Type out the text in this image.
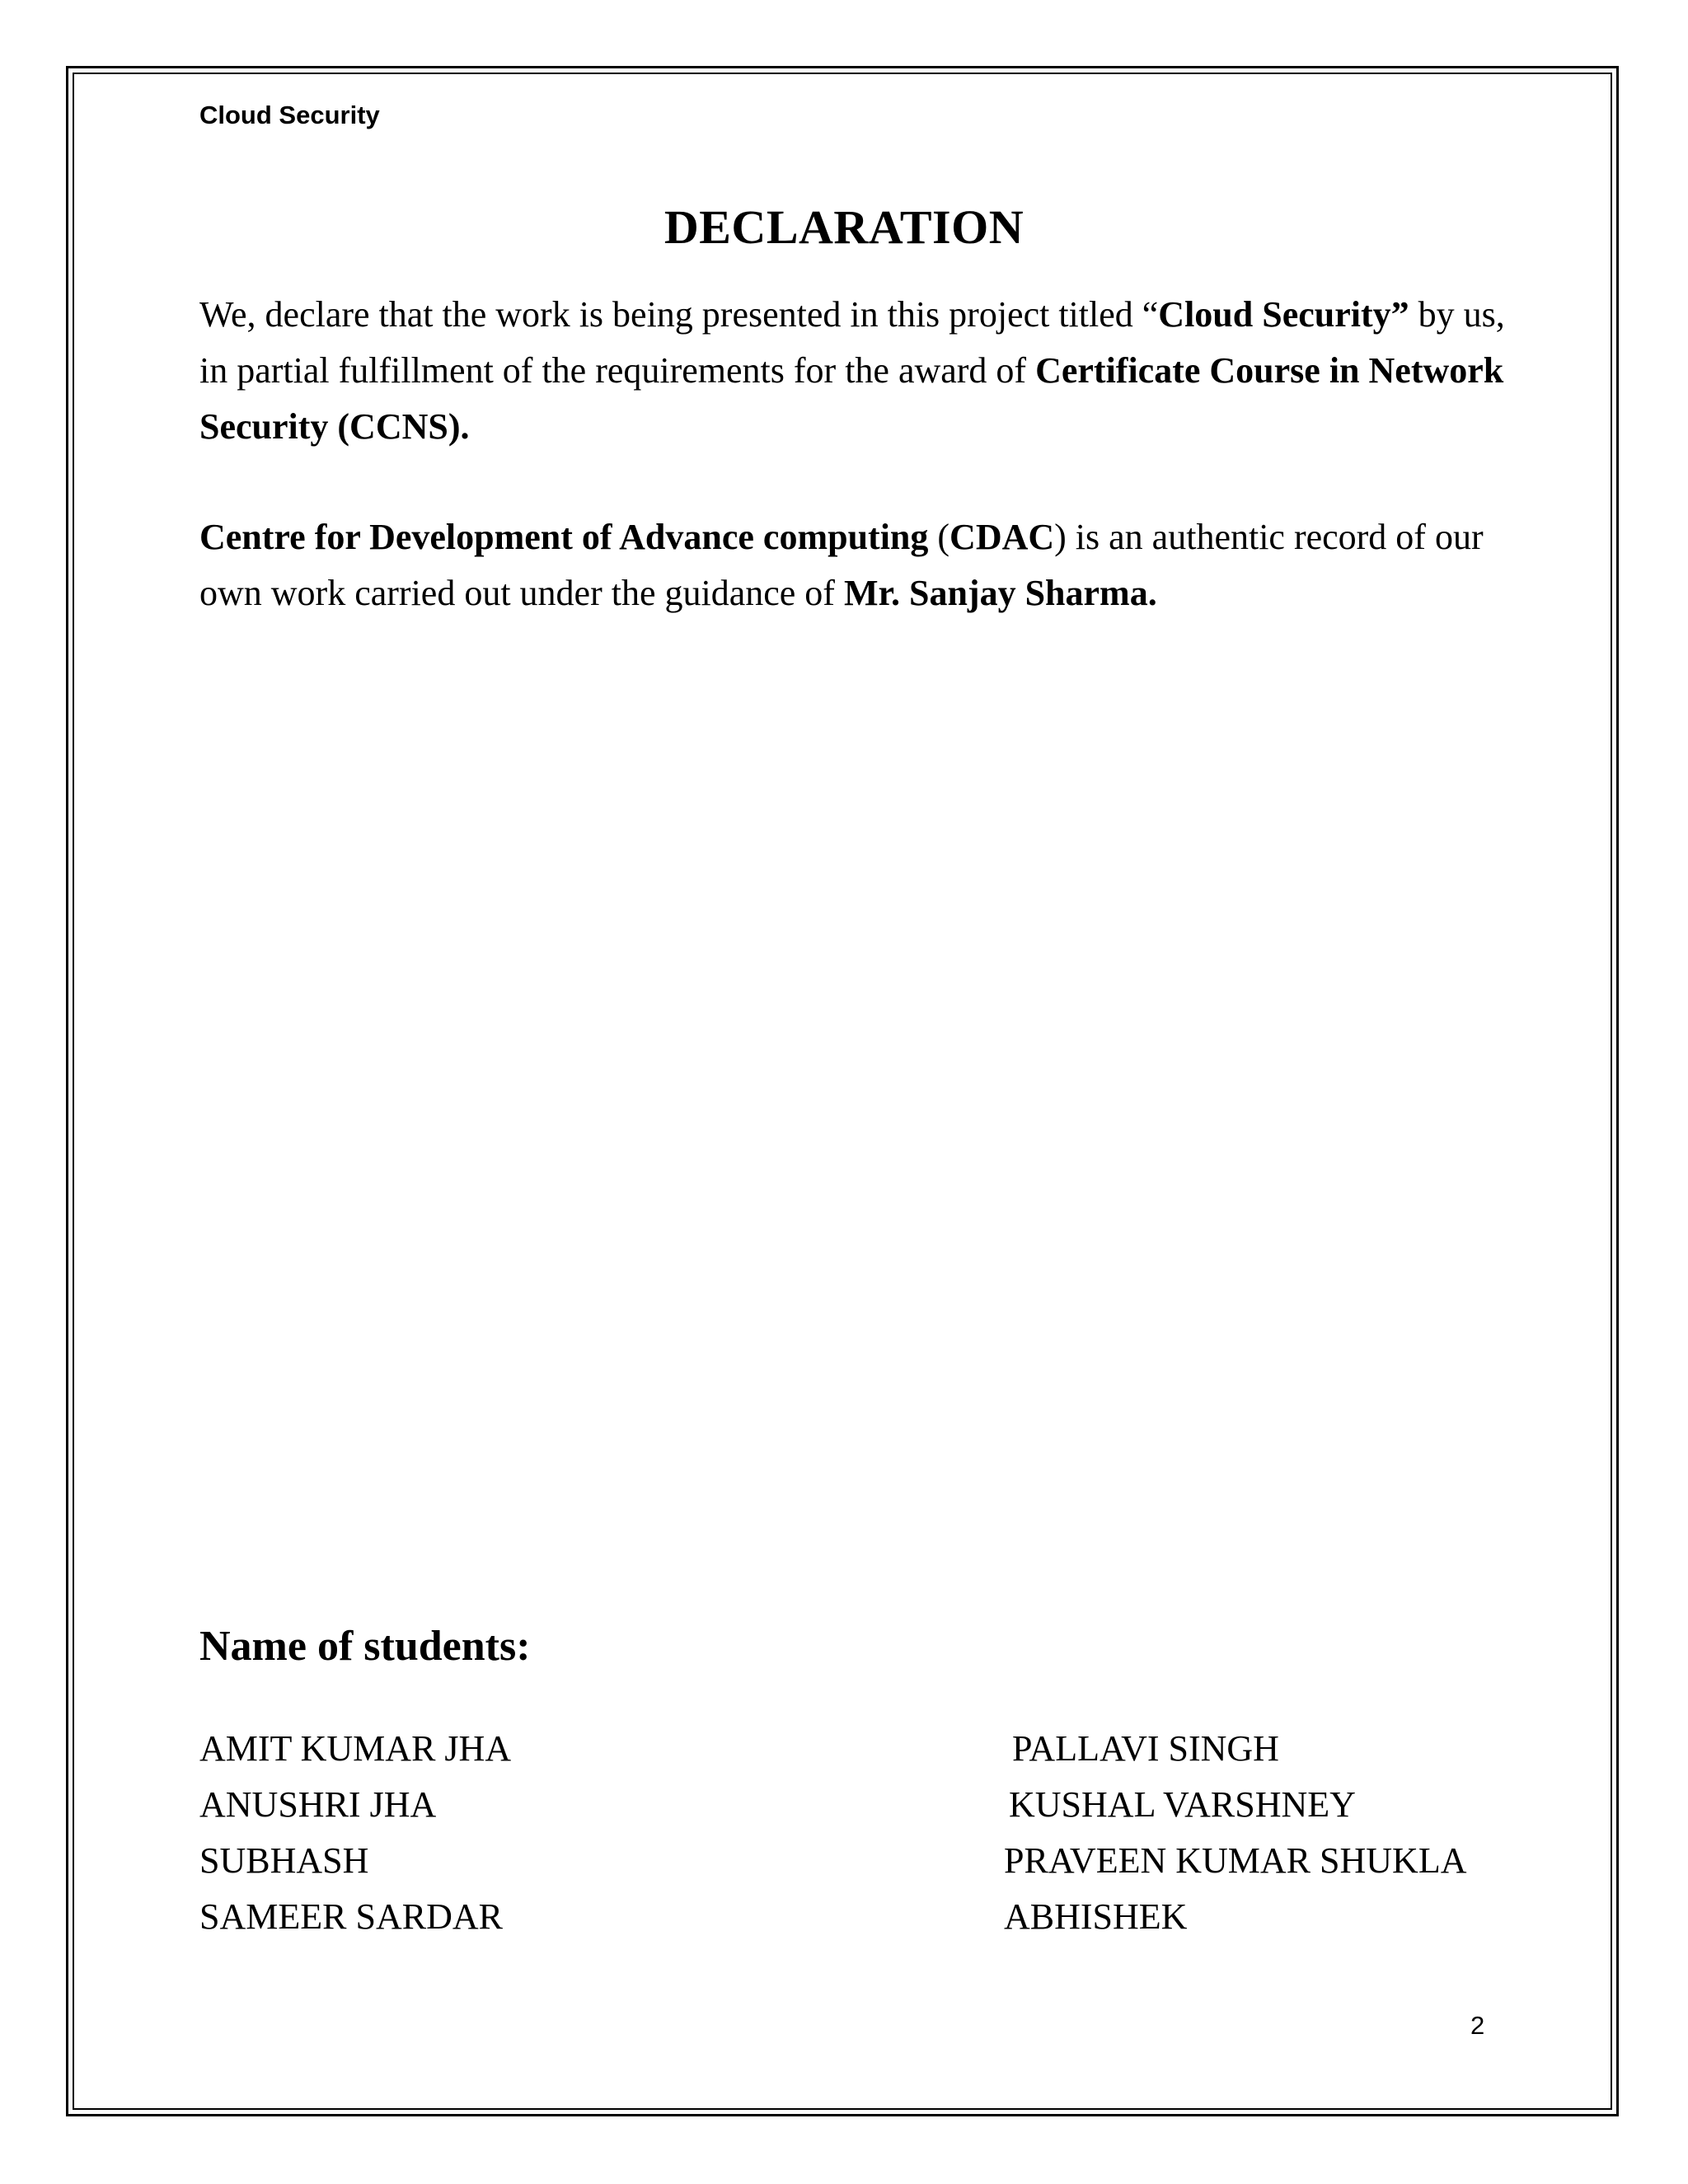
Cloud Security
DECLARATION
We, declare that the work is being presented in this project titled “Cloud Security” by us, in partial fulfillment of the requirements for the award of Certificate Course in Network Security (CCNS).
Centre for Development of Advance computing (CDAC) is an authentic record of our own work carried out under the guidance of Mr. Sanjay Sharma.
Name of students:
AMIT KUMAR JHA
ANUSHRI JHA
SUBHASH
SAMEER SARDAR
PALLAVI SINGH
KUSHAL VARSHNEY
PRAVEEN KUMAR SHUKLA
ABHISHEK
2
